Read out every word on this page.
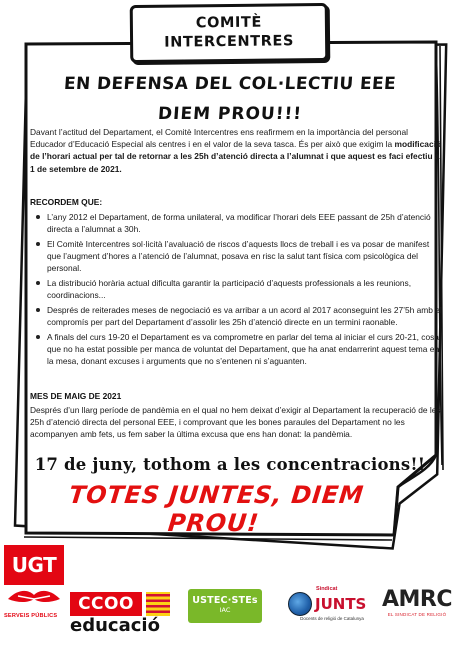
COMITÈ
INTERCENTRES
EN DEFENSA DEL COL·LECTIU EEE
DIEM PROU!!!
Davant l’actitud del Departament, el Comitè Intercentres ens reafirmem en la importància del personal Educador d’Educació Especial als centres i en el valor de la seva tasca. És per això que exigim la modificació de l’horari actual per tal de retornar a les 25h d’atenció directa a l’alumnat i que aquest es faci efectiu a 1 de setembre de 2021.
RECORDEM QUE:
L’any 2012 el Departament, de forma unilateral, va modificar l’horari dels EEE passant de 25h d’atenció directa a l’alumnat a 30h.
El Comitè Intercentres sol·licità l’avaluació de riscos d’aquests llocs de treball i es va posar de manifest que l’augment d’hores a l’atenció de l’alumnat, posava en risc la salut tant física com psicològica del personal.
La distribució horària actual dificulta garantir la participació d’aquests professionals a les reunions, coordinacions...
Després de reiterades meses de negociació es va arribar a un acord al 2017 aconseguint les 27’5h amb el compromís per part del Departament d’assolir les 25h d’atenció directe en un termini raonable.
A finals del curs 19-20 el Departament es va comprometre en parlar del tema al iniciar el curs 20-21, cosa que no ha estat possible per manca de voluntat del Departament, que ha anat endarrerint aquest tema en la mesa, donant excuses i arguments que no s’entenen ni s’aguanten.
MES DE MAIG DE 2021
Després d’un llarg període de pandèmia en el qual no hem deixat d’exigir al Departament la recuperació de les 25h d’atenció directa del personal EEE, i comprovant que les bones paraules del Departament no les acompanyen amb fets, us fem saber la última excusa que ens han donat: la pandèmia.
17 de juny, tothom a les concentracions!!
TOTES JUNTES, DIEM PROU!
UGT
SERVEIS PÚBLICS
CCOO
educació
USTEC·STEs
IAC
Sindicat
JUNTS
Docents de religió de Catalunya
AMRC
EL SINDICAT DE RELIGIÓ
